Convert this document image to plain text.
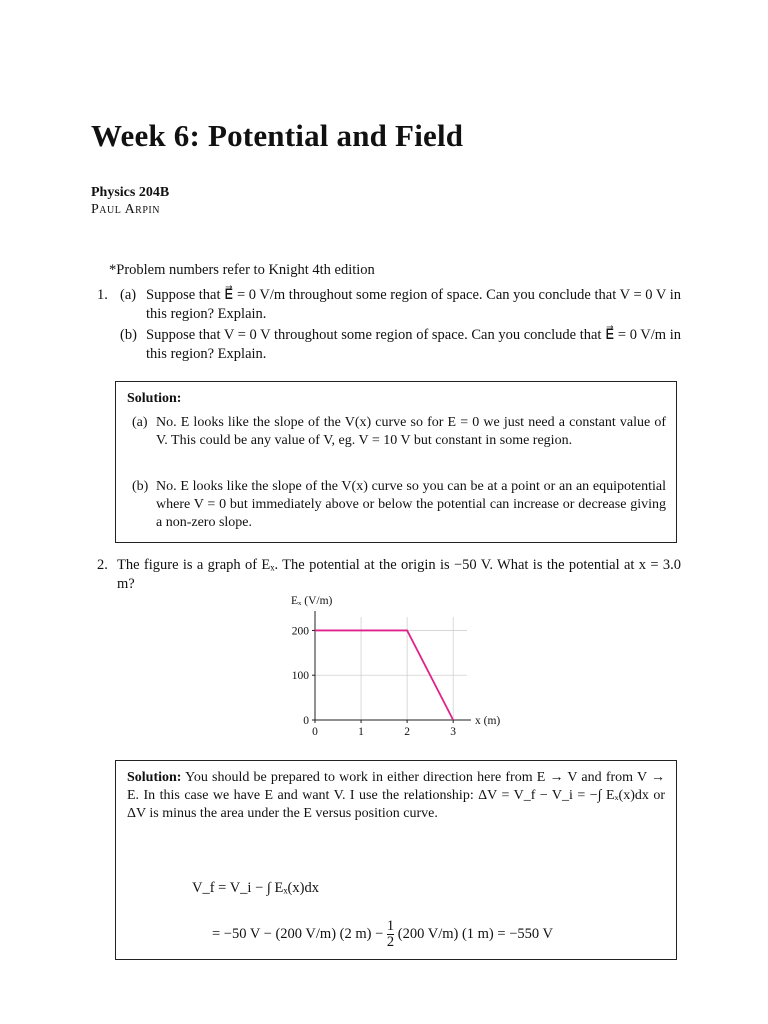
Week 6: Potential and Field
Physics 204B
Paul Arpin
*Problem numbers refer to Knight 4th edition
1. (a) Suppose that E⃗ = 0 V/m throughout some region of space. Can you conclude that V = 0 V in this region? Explain.
(b) Suppose that V = 0 V throughout some region of space. Can you conclude that E⃗ = 0 V/m in this region? Explain.
Solution:
(a) No. E looks like the slope of the V(x) curve so for E = 0 we just need a constant value of V. This could be any value of V, eg. V = 10 V but constant in some region.
(b) No. E looks like the slope of the V(x) curve so you can be at a point or an an equipotential where V = 0 but immediately above or below the potential can increase or decrease giving a non-zero slope.
2. The figure is a graph of Eₓ. The potential at the origin is −50 V. What is the potential at x = 3.0 m?
0	1	2	3
0
100
200
Eₓ (V/m)
x (m)
Solution: You should be prepared to work in either direction here from E → V and from V → E. In this case we have E and want V. I use the relationship: ΔV = V_f − V_i = −∫ Eₓ(x)dx or ΔV is minus the area under the E versus position curve.
V_f = V_i − ∫ Eₓ(x)dx
= −50 V − (200 V/m) (2 $m) - \frac{1}{2} (200$ V/m) (1 m) = −550 V
